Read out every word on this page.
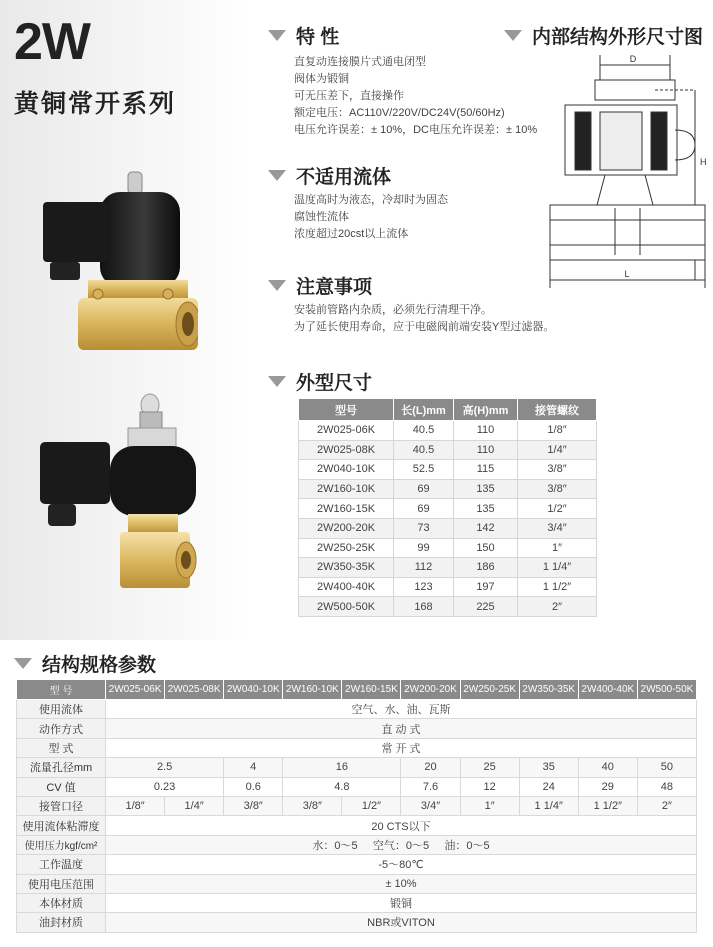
2W
黄铜常开系列
特 性
直复动连接膜片式通电闭型
阀体为锻铜
可无压差下，直接操作
额定电压：AC110V/220V/DC24V(50/60Hz)
电压允许误差：± 10%，DC电压允许误差：± 10%
内部结构外形尺寸图
D
H
L
不适用流体
温度高时为液态，冷却时为固态
腐蚀性流体
浓度超过20cst以上流体
注意事项
安装前管路内杂质，必须先行清理干净。
为了延长使用寿命，应于电磁阀前端安装Y型过滤器。
外型尺寸
型号	长(L)mm	高(H)mm	接管螺纹
2W025-06K	40.5	110	1/8″
2W025-08K	40.5	110	1/4″
2W040-10K	52.5	115	3/8″
2W160-10K	69	135	3/8″
2W160-15K	69	135	1/2″
2W200-20K	73	142	3/4″
2W250-25K	99	150	1″
2W350-35K	112	186	1 1/4″
2W400-40K	123	197	1 1/2″
2W500-50K	168	225	2″
结构规格参数
型 号	2W025-06K	2W025-08K	2W040-10K	2W160-10K	2W160-15K	2W200-20K	2W250-25K	2W350-35K	2W400-40K	2W500-50K
使用流体	空气、水、油、瓦斯									
动作方式	直 动 式									
型 式	常 开 式									
流量孔径mm	2.5		4	16		20	25	35	40	50
CV 值	0.23		0.6	4.8		7.6	12	24	29	48
接管口径	1/8″	1/4″	3/8″	3/8″	1/2″	3/4″	1″	1 1/4″	1 1/2″	2″
使用流体粘滞度	20 CTS以下									
使用压力kgf/cm²	水：0～5     空气：0～5     油：0～5									
工作温度	-5～80℃									
使用电压范围	± 10%									
本体材质	锻铜									
油封材质	NBR或VITON									
